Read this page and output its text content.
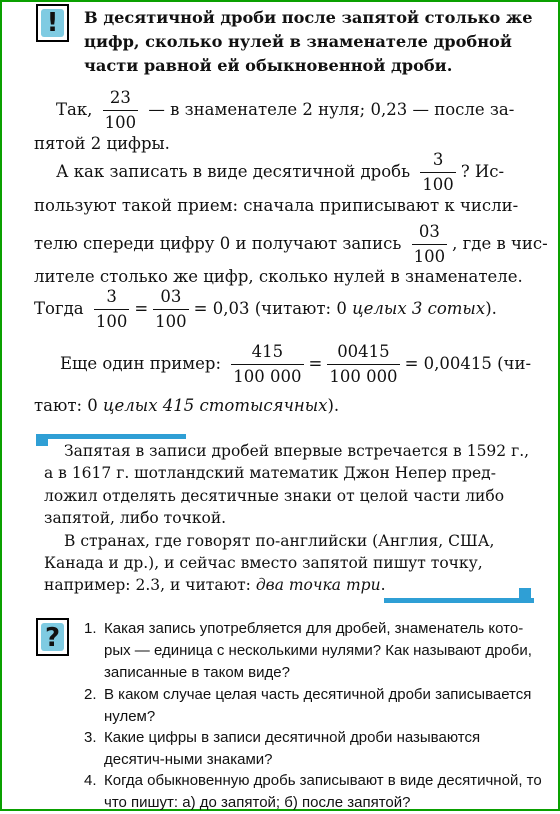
!	В десятичной дроби после запятой столько же цифр, сколько нулей в знаменателе дробной части равной ей обыкновенной дроби.
Так, $\frac{23}{100}$ — в знаменателе 2 нуля; 0,23 — после за-
пятой 2 цифры.
А как записать в виде десятичной дробь $\frac{3}{100}$ ? Ис-
пользуют такой прием: сначала приписывают к числи-
телю спереди цифру 0 и получают запись $\frac{03}{100}$ , где в чис-
лителе столько же цифр, сколько нулей в знаменателе.
Тогда $\frac{3}{100} = \frac{03}{100} = 0,03$ (читают: 0 целых 3 сотых).
Еще один пример: $\frac{415}{100 000} = \frac{00415}{100 000} = 0,00415$ (чи-
тают: 0 целых 415 стотысячных).
Запятая в записи дробей впервые встречается в 1592 г.,
а в 1617 г. шотландский математик Джон Непер пред-
ложил отделять десятичные знаки от целой части либо
запятой, либо точкой.
В странах, где говорят по-английски (Англия, США,
Канада и др.), и сейчас вместо запятой пишут точку,
например: 2.3, и читают: два точка три.
? 1. Какая запись употребляется для дробей, знаменатель кото-рых — единица с несколькими нулями? Как называют дроби, записанные в таком виде?
2. В каком случае целая часть десятичной дроби записывается нулем?
3. Какие цифры в записи десятичной дроби называются десятич-ными знаками?
4. Когда обыкновенную дробь записывают в виде десятичной, то что пишут: а) до запятой; б) после запятой?
